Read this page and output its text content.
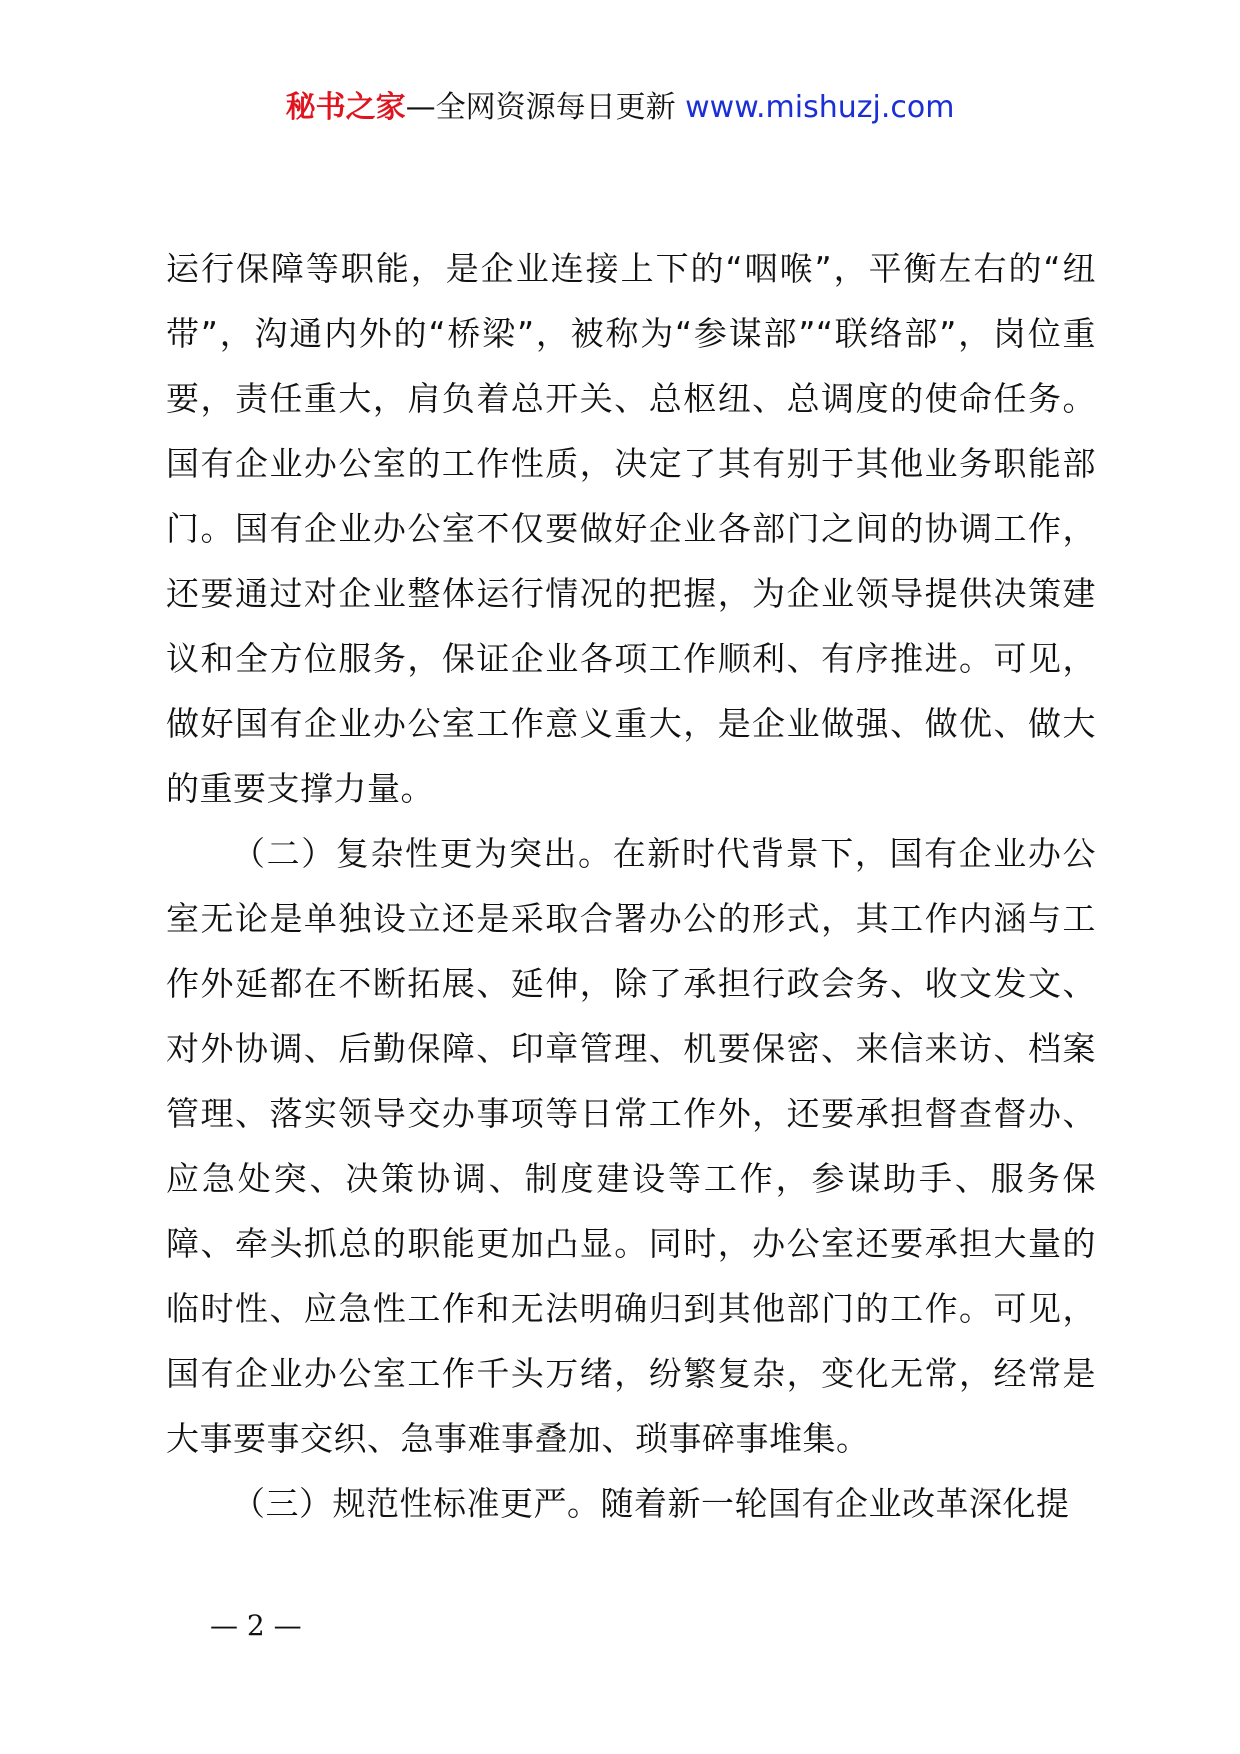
秘书之家—全网资源每日更新 www.mishuzj.com

运行保障等职能，是企业连接上下的“咽喉”，平衡左右的“纽带”，沟通内外的“桥梁”，被称为“参谋部”“联络部”，岗位重要，责任重大，肩负着总开关、总枢纽、总调度的使命任务。国有企业办公室的工作性质，决定了其有别于其他业务职能部门。国有企业办公室不仅要做好企业各部门之间的协调工作，还要通过对企业整体运行情况的把握，为企业领导提供决策建议和全方位服务，保证企业各项工作顺利、有序推进。可见，做好国有企业办公室工作意义重大，是企业做强、做优、做大的重要支撑力量。

（二）复杂性更为突出。在新时代背景下，国有企业办公室无论是单独设立还是采取合署办公的形式，其工作内涵与工作外延都在不断拓展、延伸，除了承担行政会务、收文发文、对外协调、后勤保障、印章管理、机要保密、来信来访、档案管理、落实领导交办事项等日常工作外，还要承担督查督办、应急处突、决策协调、制度建设等工作，参谋助手、服务保障、牵头抓总的职能更加凸显。同时，办公室还要承担大量的临时性、应急性工作和无法明确归到其他部门的工作。可见，国有企业办公室工作千头万绪，纷繁复杂，变化无常，经常是大事要事交织、急事难事叠加、琐事碎事堆集。

（三）规范性标准更严。随着新一轮国有企业改革深化提

— 2 —
